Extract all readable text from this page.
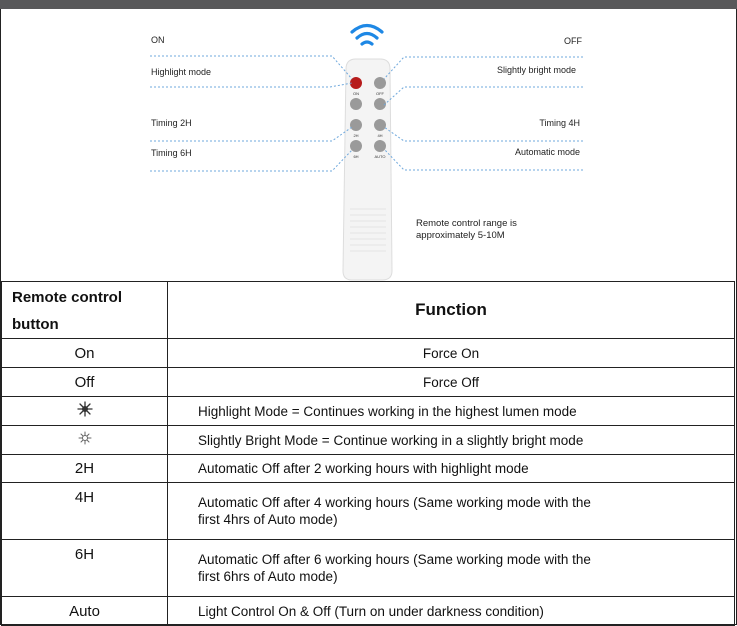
ON	OFF
2H	4H
6H	AUTO
ON
Highlight mode
Timing 2H
Timing 6H
OFF
Slightly bright mode
Timing 4H
Automatic mode
Remote control range is
approximately 5-10M
Remote control
button	Function
On	Force On
Off	Force Off
	Highlight Mode = Continues working in the highest lumen mode
	Slightly Bright Mode = Continue working in a slightly bright mode
2H	Automatic Off after 2 working hours with highlight mode
4H	Automatic Off after 4 working hours (Same working mode with the
first 4hrs of Auto mode)

6H	Automatic Off after 6 working hours (Same working mode with the
first 6hrs of Auto mode)

Auto	Light Control On & Off (Turn on under darkness condition)
